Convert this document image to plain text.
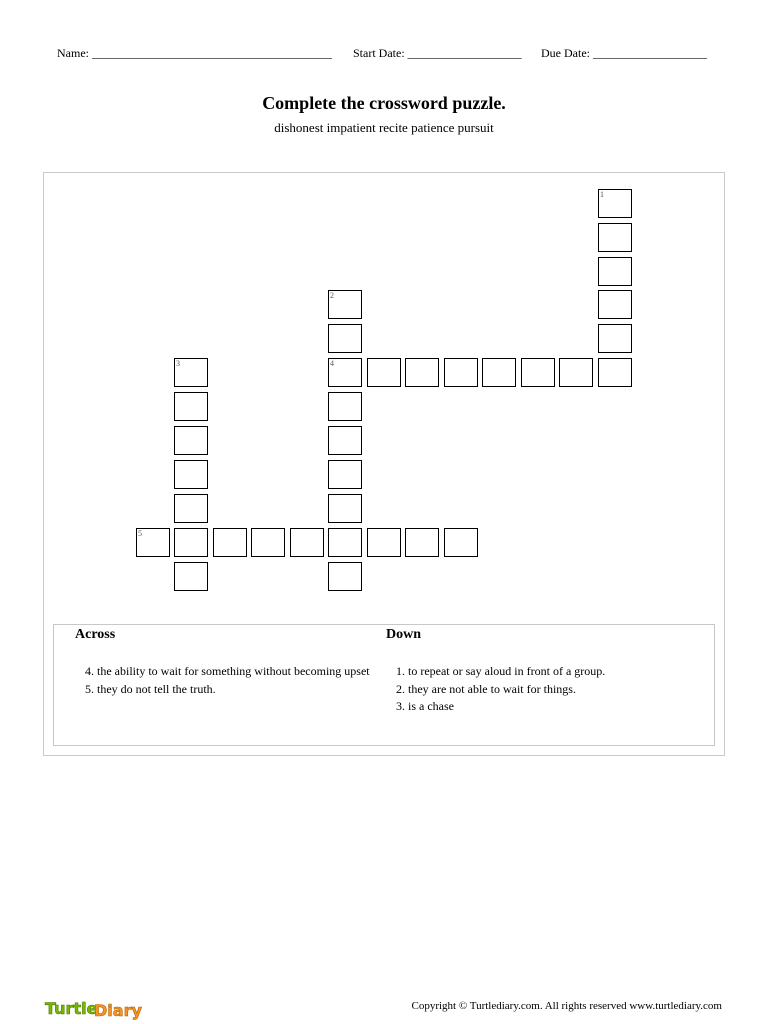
Name: ________________________________________ Start Date: ___________________ Due Date: ___________________
Complete the crossword puzzle.
dishonest impatient recite patience pursuit
1
2
4
3
5
Across	Down

4. the ability to wait for something without becoming upset

5. they do not tell the truth.

1. to repeat or say aloud in front of a group.

2. they are not able to wait for things.

3. is a chase

Turtle
Diary	Copyright © Turtlediary.com. All rights reserved www.turtlediary.com
